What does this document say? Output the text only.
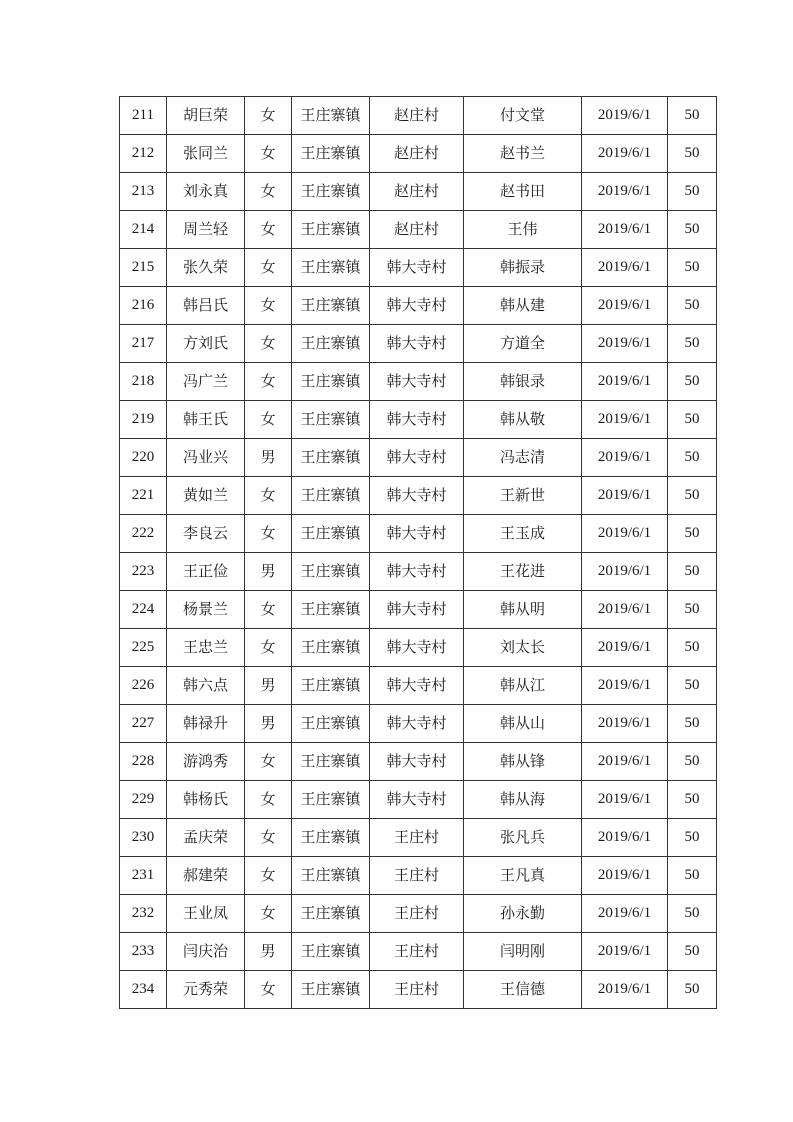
211	胡巨荣	女	王庄寨镇	赵庄村	付文堂	2019/6/1	50
212	张同兰	女	王庄寨镇	赵庄村	赵书兰	2019/6/1	50
213	刘永真	女	王庄寨镇	赵庄村	赵书田	2019/6/1	50
214	周兰轻	女	王庄寨镇	赵庄村	王伟	2019/6/1	50
215	张久荣	女	王庄寨镇	韩大寺村	韩振录	2019/6/1	50
216	韩吕氏	女	王庄寨镇	韩大寺村	韩从建	2019/6/1	50
217	方刘氏	女	王庄寨镇	韩大寺村	方道全	2019/6/1	50
218	冯广兰	女	王庄寨镇	韩大寺村	韩银录	2019/6/1	50
219	韩王氏	女	王庄寨镇	韩大寺村	韩从敬	2019/6/1	50
220	冯业兴	男	王庄寨镇	韩大寺村	冯志清	2019/6/1	50
221	黄如兰	女	王庄寨镇	韩大寺村	王新世	2019/6/1	50
222	李良云	女	王庄寨镇	韩大寺村	王玉成	2019/6/1	50
223	王正俭	男	王庄寨镇	韩大寺村	王花进	2019/6/1	50
224	杨景兰	女	王庄寨镇	韩大寺村	韩从明	2019/6/1	50
225	王忠兰	女	王庄寨镇	韩大寺村	刘太长	2019/6/1	50
226	韩六点	男	王庄寨镇	韩大寺村	韩从江	2019/6/1	50
227	韩禄升	男	王庄寨镇	韩大寺村	韩从山	2019/6/1	50
228	游鸿秀	女	王庄寨镇	韩大寺村	韩从锋	2019/6/1	50
229	韩杨氏	女	王庄寨镇	韩大寺村	韩从海	2019/6/1	50
230	孟庆荣	女	王庄寨镇	王庄村	张凡兵	2019/6/1	50
231	郝建荣	女	王庄寨镇	王庄村	王凡真	2019/6/1	50
232	王业凤	女	王庄寨镇	王庄村	孙永勤	2019/6/1	50
233	闫庆治	男	王庄寨镇	王庄村	闫明刚	2019/6/1	50
234	元秀荣	女	王庄寨镇	王庄村	王信德	2019/6/1	50
